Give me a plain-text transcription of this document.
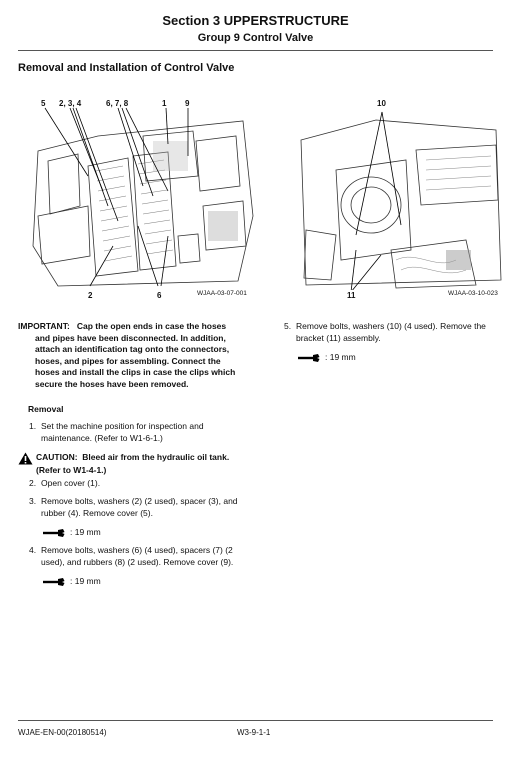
Section 3 UPPERSTRUCTURE
Group 9 Control Valve
Removal and Installation of Control Valve
5 2, 3, 4	6, 7, 8	1 9
2	6	WJAA-03-07-001
10
11	WJAA-03-10-023
IMPORTANT: Cap the open ends in case the hoses
and pipes have been disconnected. In addition,
attach an identification tag onto the connectors,
hoses, and pipes for assembling. Connect the
hoses and install the clips in case the clips which
secure the hoses have been removed.
Removal
1. Set the machine position for inspection and
maintenance. (Refer to W1-6-1.)
CAUTION:
Bleed air from the hydraulic oil tank.
(Refer to W1-4-1.)
2. Open cover (1).
3. Remove bolts, washers (2) (2 used), spacer (3), and
rubber (4). Remove cover (5).
: 19 mm
4. Remove bolts, washers (6) (4 used), spacers (7) (2
used), and rubbers (8) (2 used). Remove cover (9).
: 19 mm
5. Remove bolts, washers (10) (4 used). Remove the
bracket (11) assembly.
: 19 mm
WJAE-EN-00(20180514)	W3-9-1-1
